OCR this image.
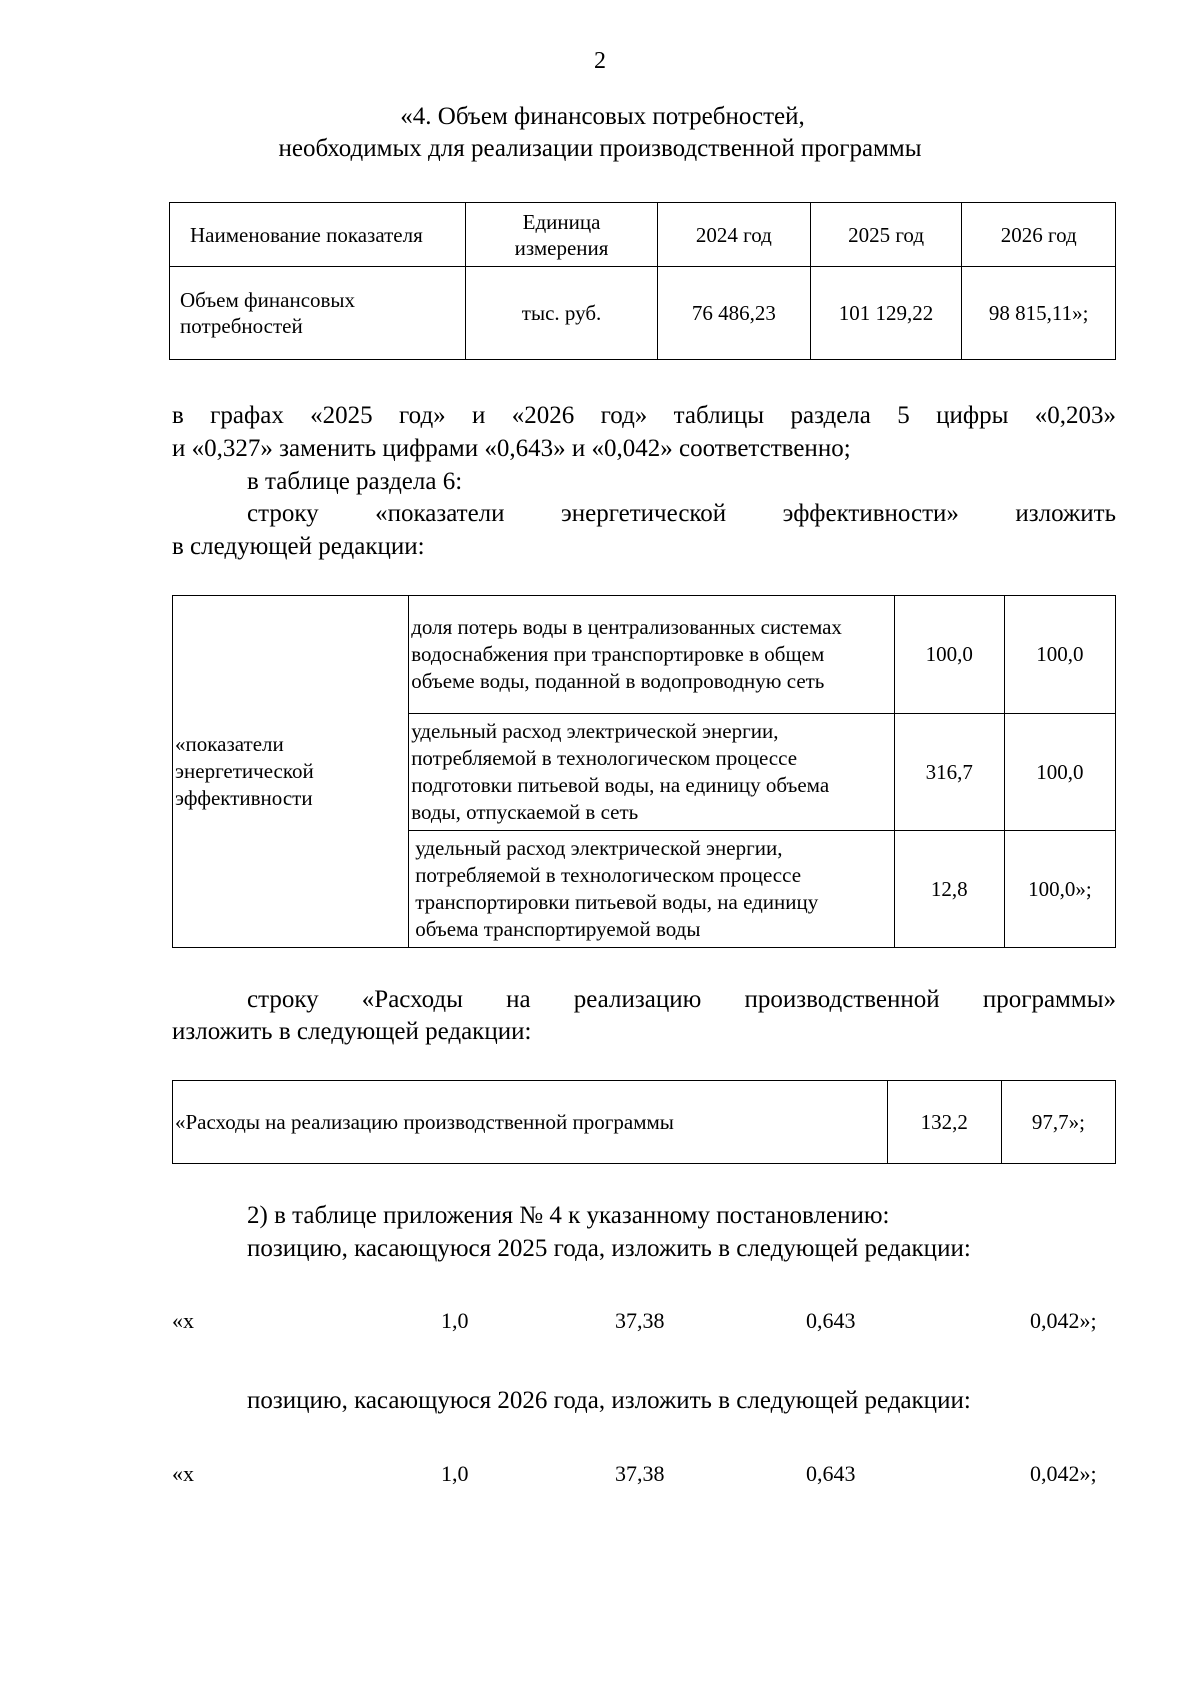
2
«4. Объем финансовых потребностей,
необходимых для реализации производственной программы
Наименование показателя	Единица измерения	2024 год	2025 год	2026 год
Объем финансовых потребностей	тыс. руб.	76 486,23	101 129,22	98 815,11»;
в графах «2025 год» и «2026 год» таблицы раздела 5 цифры «0,203»
и «0,327» заменить цифрами «0,643» и «0,042» соответственно;
в таблице раздела 6:
строку «показатели энергетической эффективности» изложить
в следующей редакции:
«показатели энергетической эффективности	доля потерь воды в централизованных системах водоснабжения при транспортировке в общем объеме воды, поданной в водопроводную сеть	100,0	100,0
	удельный расход электрической энергии, потребляемой в технологическом процессе подготовки питьевой воды, на единицу объема воды, отпускаемой в сеть	316,7	100,0
	удельный расход электрической энергии, потребляемой в технологическом процессе транспортировки питьевой воды, на единицу объема транспортируемой воды	12,8	100,0»;
строку «Расходы на реализацию производственной программы»
изложить в следующей редакции:
«Расходы на реализацию производственной программы	132,2	97,7»;
2) в таблице приложения № 4 к указанному постановлению:
позицию, касающуюся 2025 года, изложить в следующей редакции:
«х	1,0	37,38	0,643	0,042»;
позицию, касающуюся 2026 года, изложить в следующей редакции:
«х	1,0	37,38	0,643	0,042»;
